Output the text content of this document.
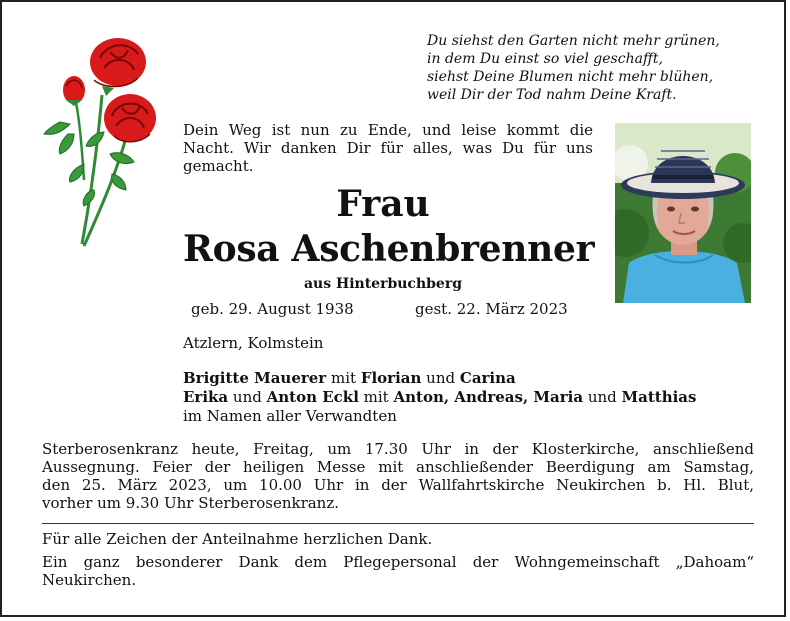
Du siehst den Garten nicht mehr grünen,
in dem Du einst so viel geschafft,
siehst Deine Blumen nicht mehr blühen,
weil Dir der Tod nahm Deine Kraft.
Dein Weg ist nun zu Ende, und leise kommt die
Nacht. Wir danken Dir für alles, was Du für uns
gemacht.
Frau
Rosa Aschenbrenner
aus Hinterbuchberg
geb. 29. August 1938	gest. 22. März 2023
Atzlern, Kolmstein
Brigitte Mauerer mit Florian und Carina
Erika und Anton Eckl mit Anton, Andreas, Maria und Matthias
im Namen aller Verwandten
Sterberosenkranz heute, Freitag, um 17.30 Uhr in der Klosterkirche, anschließend
Aussegnung. Feier der heiligen Messe mit anschließender Beerdigung am Samstag,
den 25. März 2023, um 10.00 Uhr in der Wallfahrtskirche Neukirchen b. Hl. Blut,
vorher um 9.30 Uhr Sterberosenkranz.
Für alle Zeichen der Anteilnahme herzlichen Dank.
Ein ganz besonderer Dank dem Pflegepersonal der Wohngemeinschaft „Dahoam“
Neukirchen.
